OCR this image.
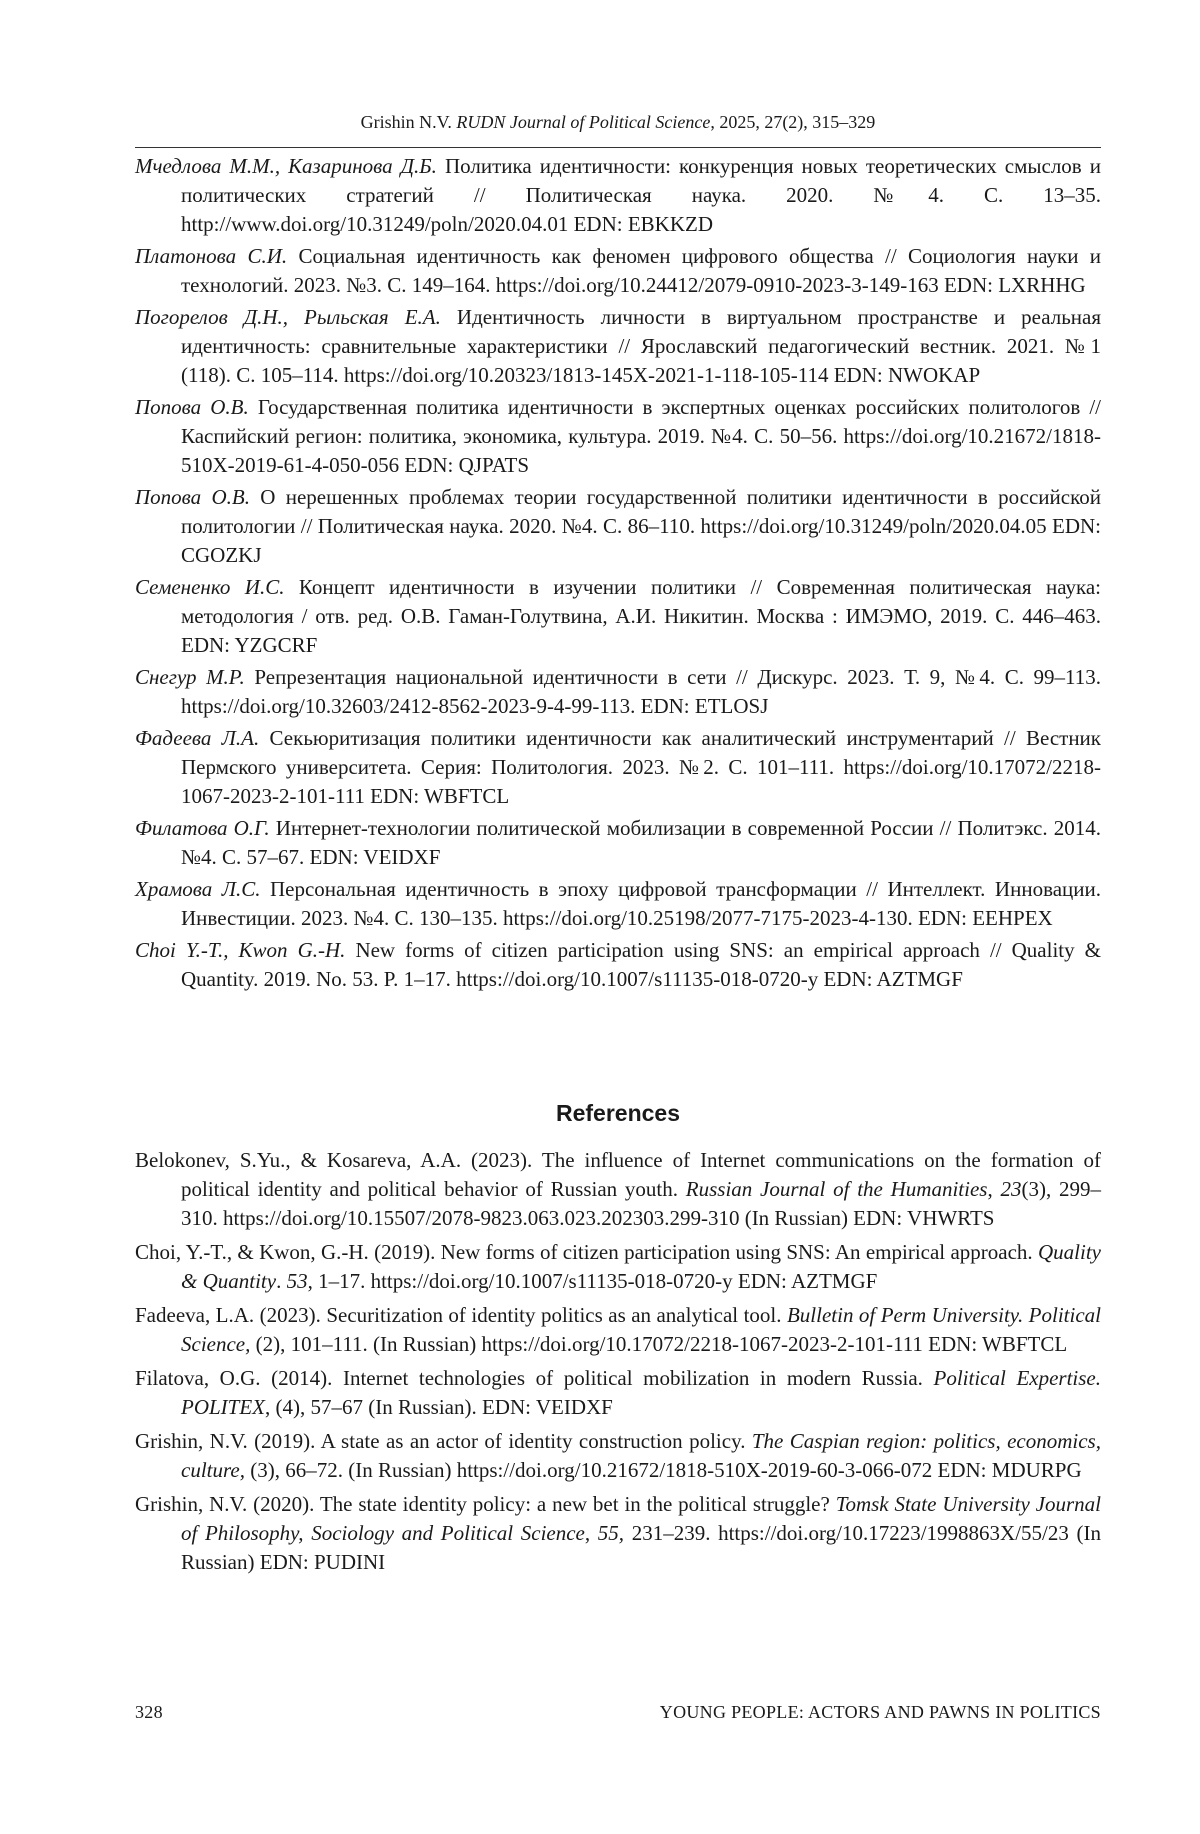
Grishin N.V. RUDN Journal of Political Science, 2025, 27(2), 315–329

Мчедлова М.М., Казаринова Д.Б. Политика идентичности: конкуренция новых теоретических смыслов и политических стратегий // Политическая наука. 2020. №4. С. 13–35. http://www.doi.org/10.31249/poln/2020.04.01 EDN: EBKKZD

Платонова С.И. Социальная идентичность как феномен цифрового общества // Социология науки и технологий. 2023. №3. С. 149–164. https://doi.org/10.24412/2079-0910-2023-3-149-163 EDN: LXRHHG

Погорелов Д.Н., Рыльская Е.А. Идентичность личности в виртуальном пространстве и реальная идентичность: сравнительные характеристики // Ярославский педагогический вестник. 2021. №1 (118). С. 105–114. https://doi.org/10.20323/1813-145X-2021-1-118-105-114 EDN: NWOKAP

Попова О.В. Государственная политика идентичности в экспертных оценках российских политологов // Каспийский регион: политика, экономика, культура. 2019. №4. С. 50–56. https://doi.org/10.21672/1818-510X-2019-61-4-050-056 EDN: QJPATS

Попова О.В. О нерешенных проблемах теории государственной политики идентичности в российской политологии // Политическая наука. 2020. №4. С. 86–110. https://doi.org/10.31249/poln/2020.04.05 EDN: CGOZKJ

Семененко И.С. Концепт идентичности в изучении политики // Современная политическая наука: методология / отв. ред. О.В. Гаман-Голутвина, А.И. Никитин. Москва : ИМЭМО, 2019. С. 446–463. EDN: YZGCRF

Снегур М.Р. Репрезентация национальной идентичности в сети // Дискурс. 2023. Т. 9, №4. С. 99–113. https://doi.org/10.32603/2412-8562-2023-9-4-99-113. EDN: ETLOSJ

Фадеева Л.А. Секьюритизация политики идентичности как аналитический инструментарий // Вестник Пермского университета. Серия: Политология. 2023. №2. С. 101–111. https://doi.org/10.17072/2218-1067-2023-2-101-111 EDN: WBFTCL

Филатова О.Г. Интернет-технологии политической мобилизации в современной России // Политэкс. 2014. №4. С. 57–67. EDN: VEIDXF

Храмова Л.С. Персональная идентичность в эпоху цифровой трансформации // Интеллект. Инновации. Инвестиции. 2023. №4. С. 130–135. https://doi.org/10.25198/2077-7175-2023-4-130. EDN: EEHPEX

Choi Y.-T., Kwon G.-H. New forms of citizen participation using SNS: an empirical approach // Quality & Quantity. 2019. No. 53. P. 1–17. https://doi.org/10.1007/s11135-018-0720-y EDN: AZTMGF

References

Belokonev, S.Yu., & Kosareva, A.A. (2023). The influence of Internet communications on the formation of political identity and political behavior of Russian youth. Russian Journal of the Humanities, 23(3), 299–310. https://doi.org/10.15507/2078-9823.063.023.202303.299-310 (In Russian) EDN: VHWRTS

Choi, Y.-T., & Kwon, G.-H. (2019). New forms of citizen participation using SNS: An empirical approach. Quality & Quantity. 53, 1–17. https://doi.org/10.1007/s11135-018-0720-y EDN: AZTMGF

Fadeeva, L.A. (2023). Securitization of identity politics as an analytical tool. Bulletin of Perm University. Political Science, (2), 101–111. (In Russian) https://doi.org/10.17072/2218-1067-2023-2-101-111 EDN: WBFTCL

Filatova, O.G. (2014). Internet technologies of political mobilization in modern Russia. Political Expertise. POLITEX, (4), 57–67 (In Russian). EDN: VEIDXF

Grishin, N.V. (2019). A state as an actor of identity construction policy. The Caspian region: politics, economics, culture, (3), 66–72. (In Russian) https://doi.org/10.21672/1818-510X-2019-60-3-066-072 EDN: MDURPG

Grishin, N.V. (2020). The state identity policy: a new bet in the political struggle? Tomsk State University Journal of Philosophy, Sociology and Political Science, 55, 231–239. https://doi.org/10.17223/1998863X/55/23 (In Russian) EDN: PUDINI

328	YOUNG PEOPLE: ACTORS AND PAWNS IN POLITICS
